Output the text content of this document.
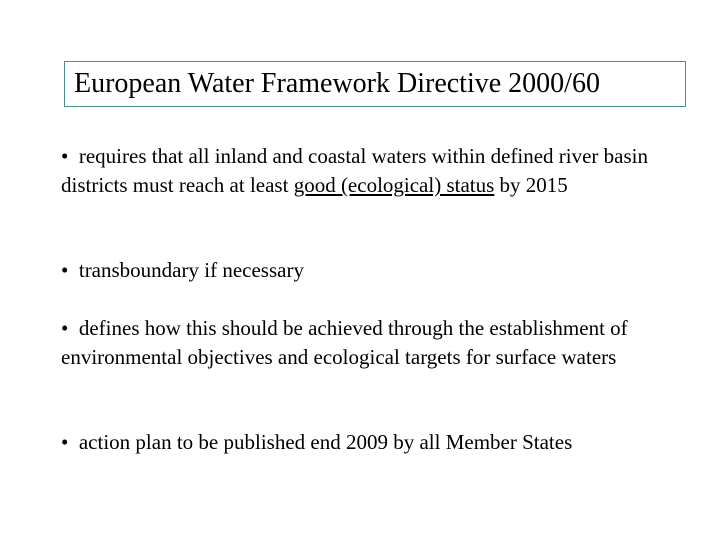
European Water Framework Directive 2000/60

• requires that all inland and coastal waters within defined river basin districts must reach at least good (ecological) status by 2015

• transboundary if necessary

• defines how this should be achieved through the establishment of environmental objectives and ecological targets for surface waters

• action plan to be published end 2009 by all Member States
